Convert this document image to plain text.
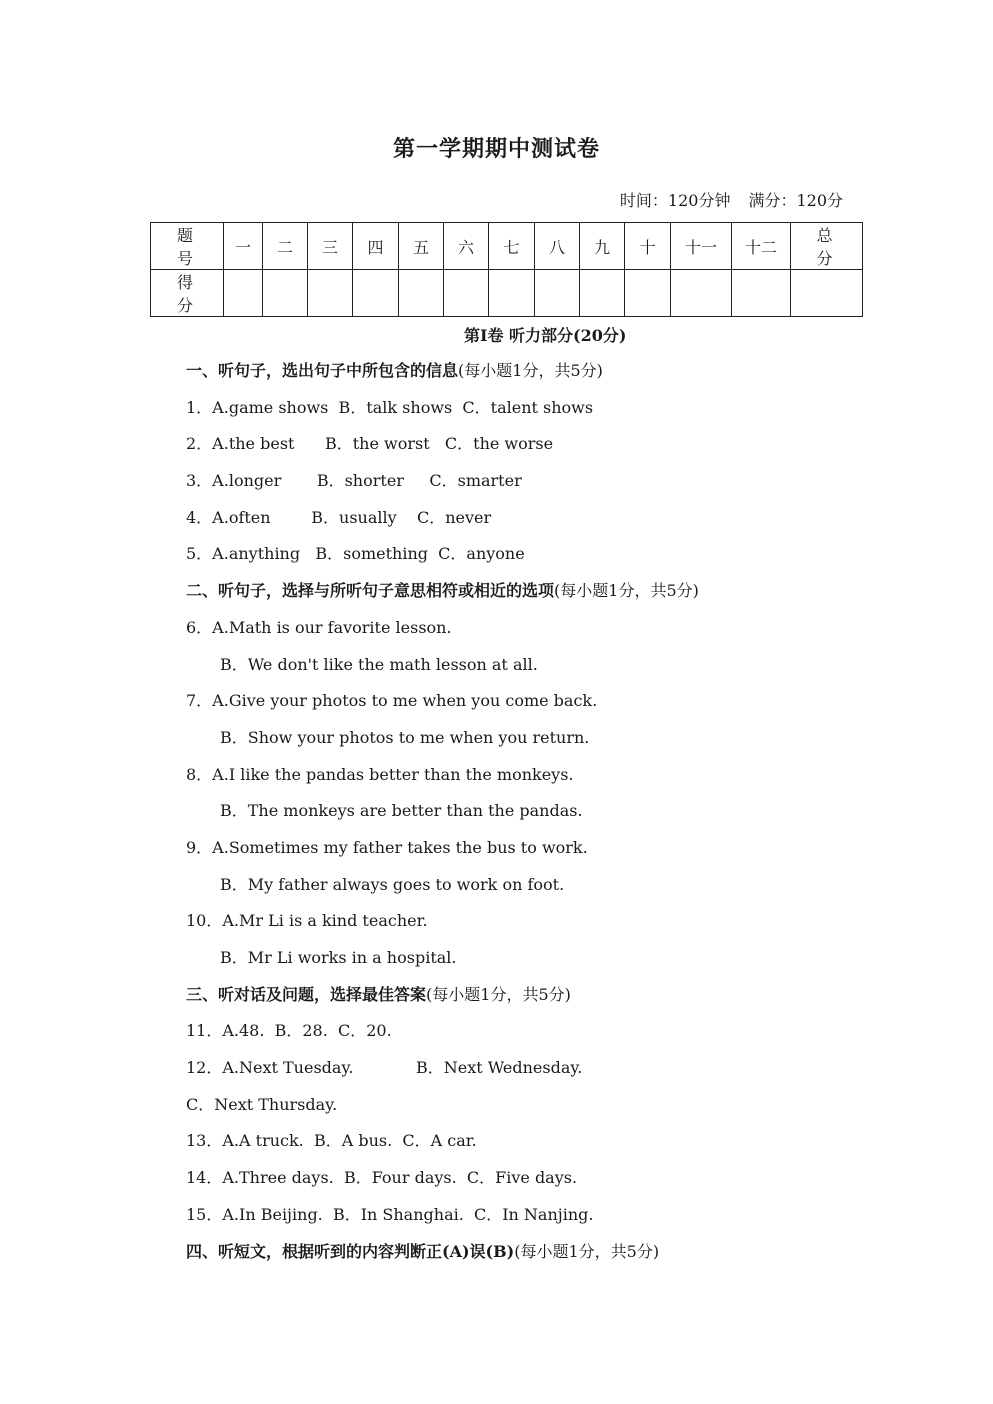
第一学期期中测试卷
时间：120分钟 满分：120分
题 号	一	二	三	四	五	六	七	八	九	十	十一	十二	总 分
得 分													
第Ⅰ卷 听力部分(20分)
一、听句子，选出句子中所包含的信息(每小题1分，共5分)
1．A.game shows  B．talk shows  C．talent shows
2．A.the best      B．the worst   C．the worse
3．A.longer       B．shorter     C．smarter
4．A.often        B．usually    C．never
5．A.anything   B．something  C．anyone
二、听句子，选择与所听句子意思相符或相近的选项(每小题1分，共5分)
6．A.Math is our favorite lesson.
B．We don't like the math lesson at all.
7．A.Give your photos to me when you come back.
B．Show your photos to me when you return.
8．A.I like the pandas better than the monkeys.
B．The monkeys are better than the pandas.
9．A.Sometimes my father takes the bus to work.
B．My father always goes to work on foot.
10．A.Mr Li is a kind teacher.
B．Mr Li works in a hospital.
三、听对话及问题，选择最佳答案(每小题1分，共5分)
11．A.48.  B．28.  C．20.
12．A.Next Tuesday.	B．Next Wednesday.
C．Next Thursday.
13．A.A truck.  B．A bus.  C．A car.
14．A.Three days.  B．Four days.  C．Five days.
15．A.In Beijing.  B．In Shanghai.  C．In Nanjing.
四、听短文，根据听到的内容判断正(A)误(B)(每小题1分，共5分)
